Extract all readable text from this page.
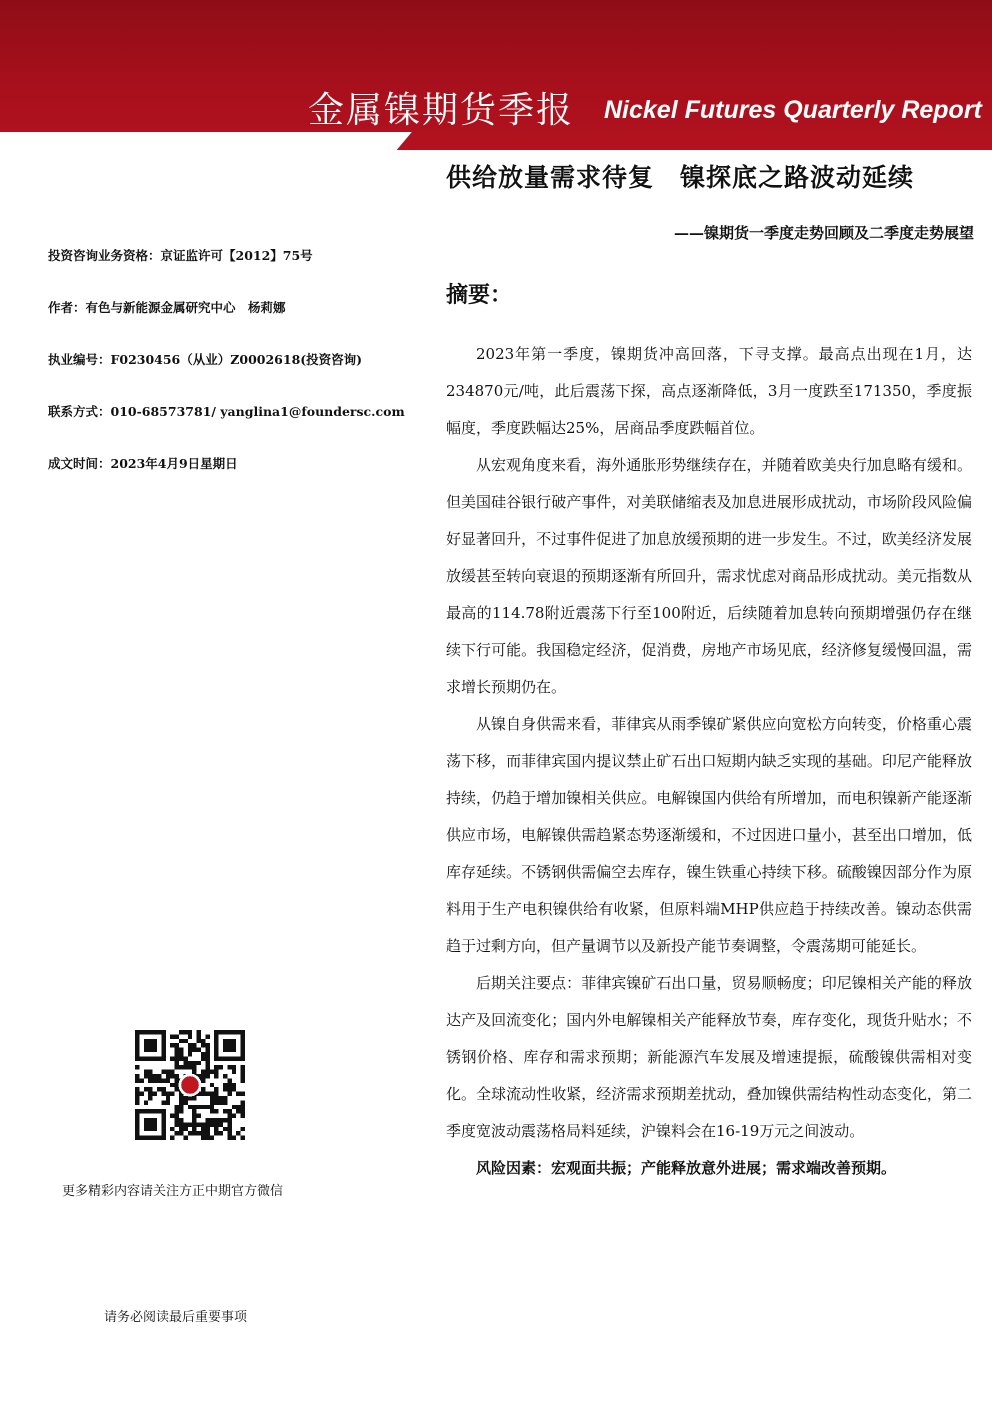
金属镍期货季报 Nickel Futures Quarterly Report
供给放量需求待复　镍探底之路波动延续
——镍期货一季度走势回顾及二季度走势展望
投资咨询业务资格：京证监许可【2012】75号
作者：有色与新能源金属研究中心　杨莉娜
执业编号：F0230456（从业）Z0002618(投资咨询)
联系方式：010-68573781/ yanglina1@foundersc.com
成文时间：2023年4月9日星期日
摘要：

2023年第一季度，镍期货冲高回落，下寻支撑。最高点出现在1月，达234870元/吨，此后震荡下探，高点逐渐降低，3月一度跌至171350，季度振幅度，季度跌幅达25%，居商品季度跌幅首位。

从宏观角度来看，海外通胀形势继续存在，并随着欧美央行加息略有缓和。但美国硅谷银行破产事件，对美联储缩表及加息进展形成扰动，市场阶段风险偏好显著回升，不过事件促进了加息放缓预期的进一步发生。不过，欧美经济发展放缓甚至转向衰退的预期逐渐有所回升，需求忧虑对商品形成扰动。美元指数从最高的114.78附近震荡下行至100附近，后续随着加息转向预期增强仍存在继续下行可能。我国稳定经济，促消费，房地产市场见底，经济修复缓慢回温，需求增长预期仍在。

从镍自身供需来看，菲律宾从雨季镍矿紧供应向宽松方向转变，价格重心震荡下移，而菲律宾国内提议禁止矿石出口短期内缺乏实现的基础。印尼产能释放持续，仍趋于增加镍相关供应。电解镍国内供给有所增加，而电积镍新产能逐渐供应市场，电解镍供需趋紧态势逐渐缓和，不过因进口量小，甚至出口增加，低库存延续。不锈钢供需偏空去库存，镍生铁重心持续下移。硫酸镍因部分作为原料用于生产电积镍供给有收紧，但原料端MHP供应趋于持续改善。镍动态供需趋于过剩方向，但产量调节以及新投产能节奏调整，令震荡期可能延长。

后期关注要点：菲律宾镍矿石出口量，贸易顺畅度；印尼镍相关产能的释放达产及回流变化；国内外电解镍相关产能释放节奏，库存变化，现货升贴水；不锈钢价格、库存和需求预期；新能源汽车发展及增速提振，硫酸镍供需相对变化。全球流动性收紧，经济需求预期差扰动，叠加镍供需结构性动态变化，第二季度宽波动震荡格局料延续，沪镍料会在16-19万元之间波动。

风险因素：宏观面共振；产能释放意外进展；需求端改善预期。

更多精彩内容请关注方正中期官方微信
请务必阅读最后重要事项
